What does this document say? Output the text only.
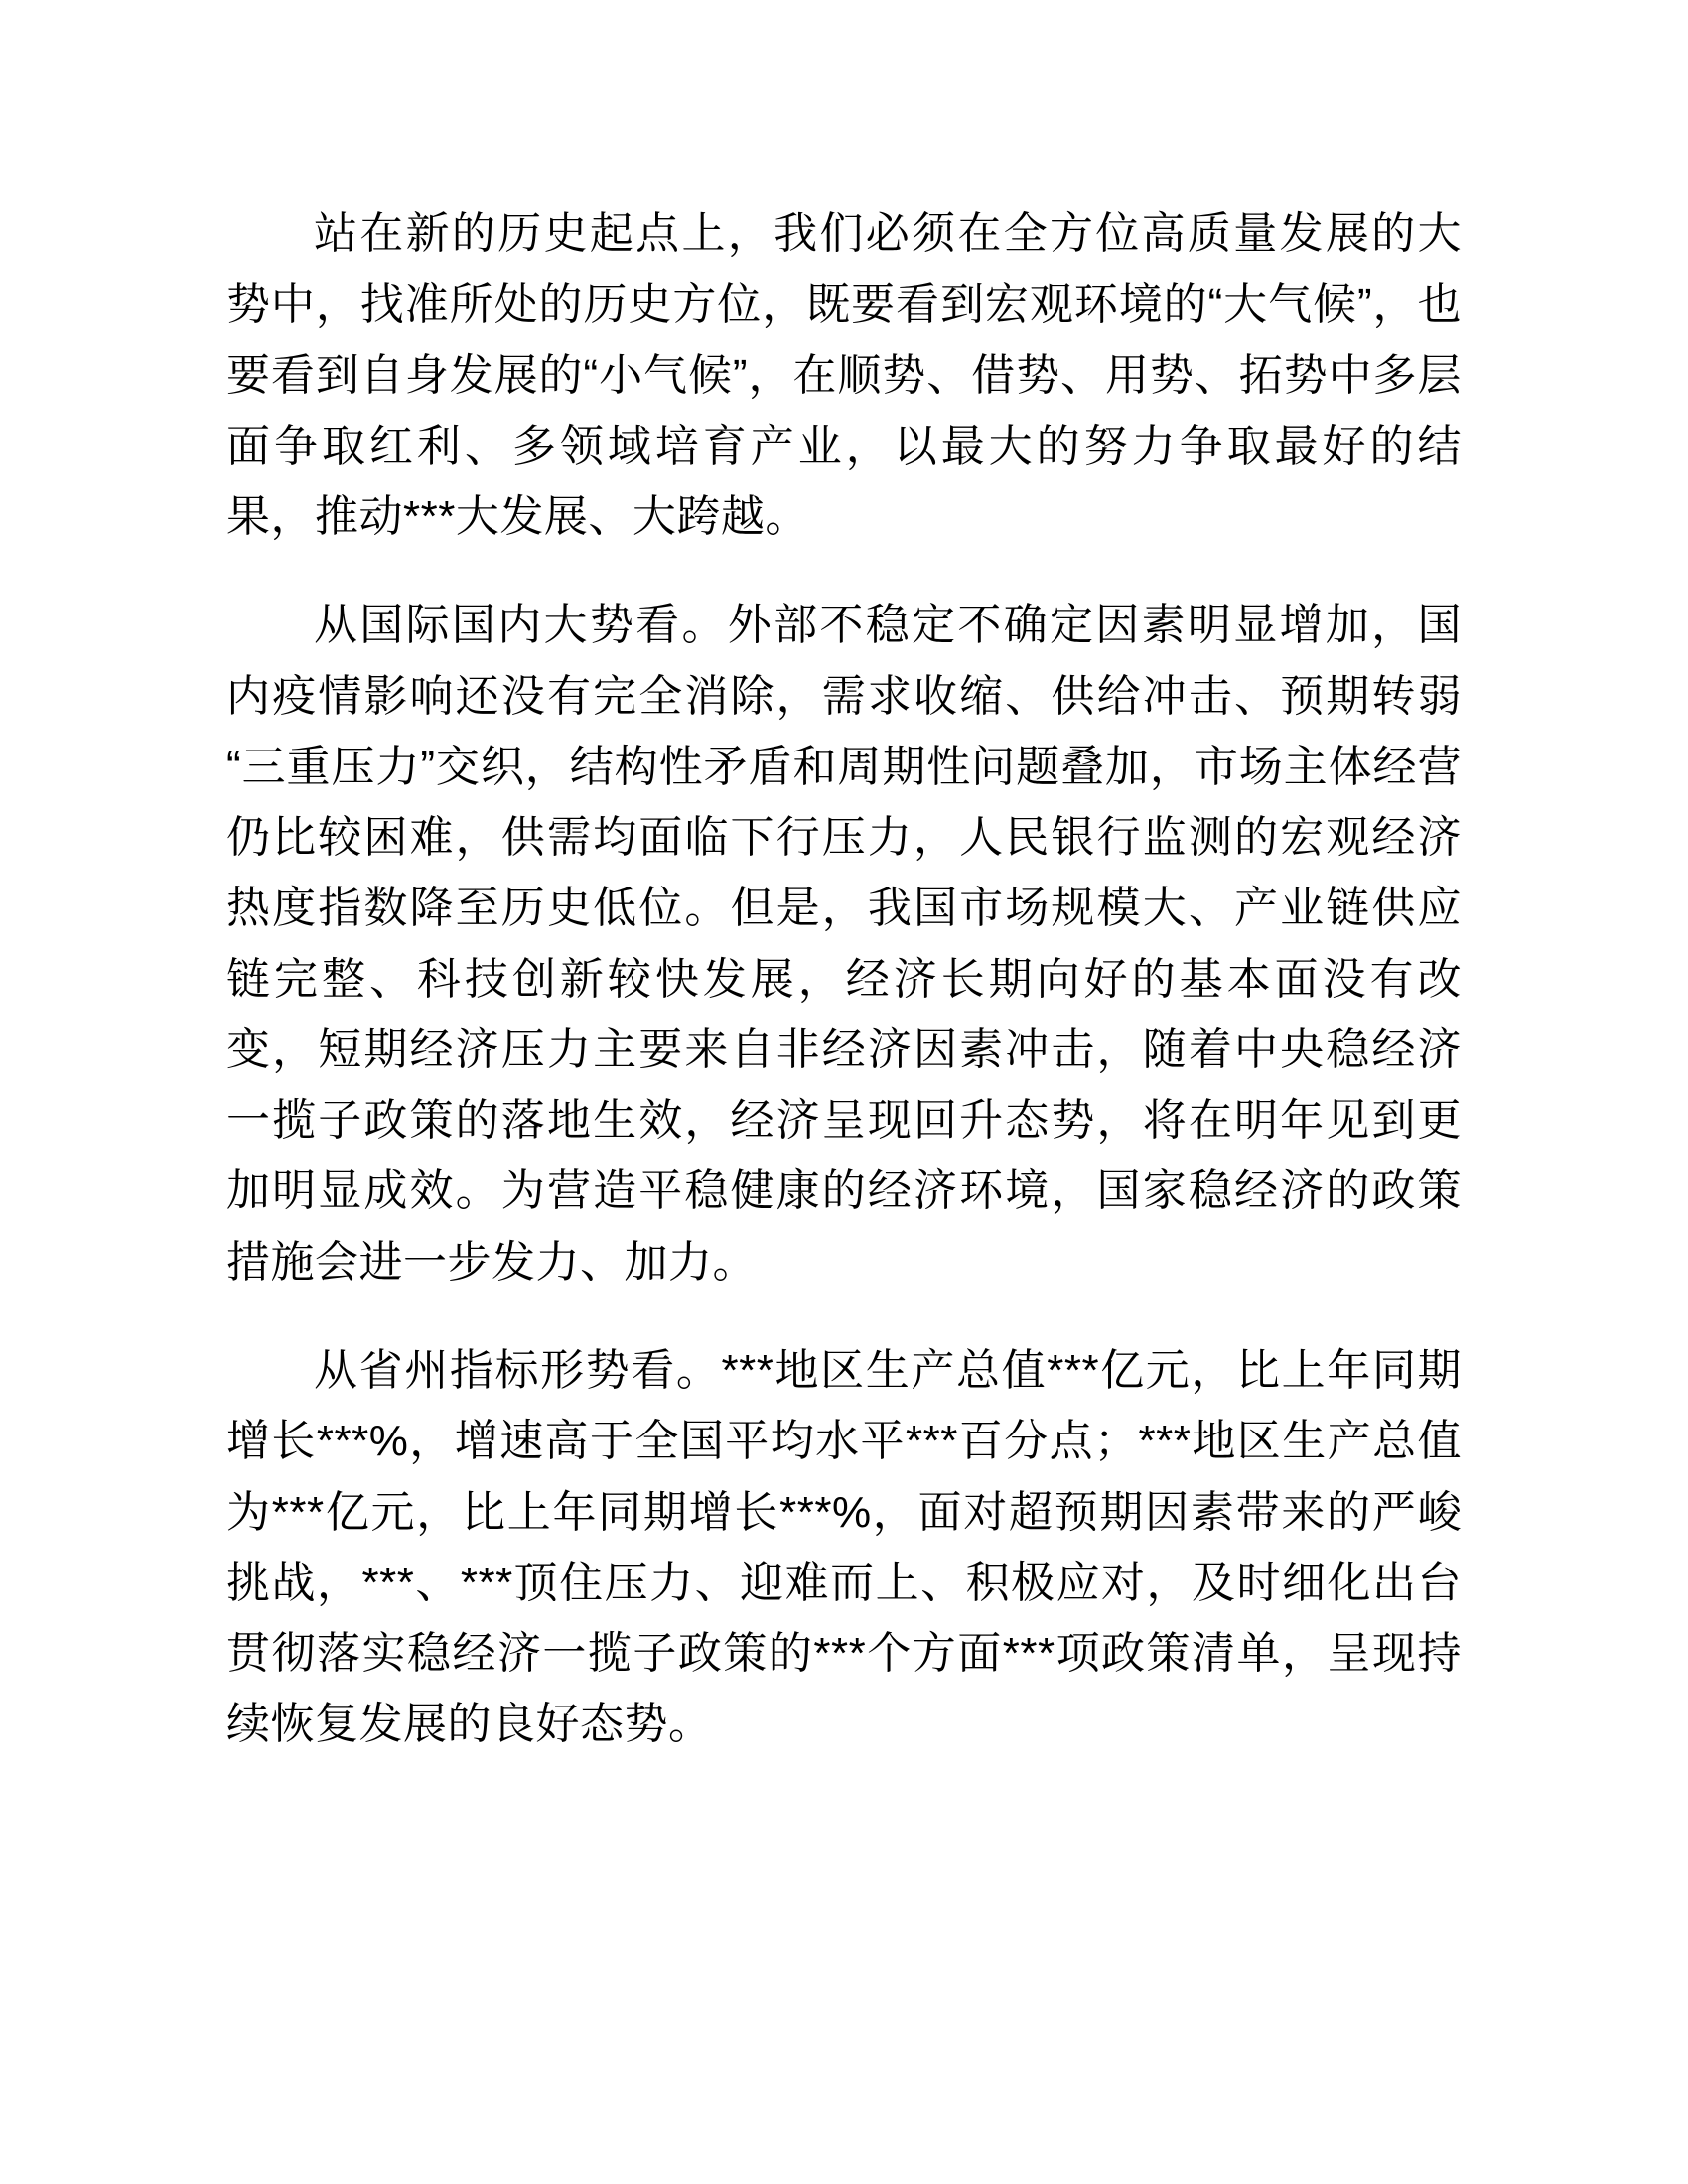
站在新的历史起点上，我们必须在全方位高质量发展的大势中，找准所处的历史方位，既要看到宏观环境的“大气候”，也要看到自身发展的“小气候”，在顺势、借势、用势、拓势中多层面争取红利、多领域培育产业，以最大的努力争取最好的结果，推动***大发展、大跨越。

从国际国内大势看。外部不稳定不确定因素明显增加，国内疫情影响还没有完全消除，需求收缩、供给冲击、预期转弱“三重压力”交织，结构性矛盾和周期性问题叠加，市场主体经营仍比较困难，供需均面临下行压力，人民银行监测的宏观经济热度指数降至历史低位。但是，我国市场规模大、产业链供应链完整、科技创新较快发展，经济长期向好的基本面没有改变，短期经济压力主要来自非经济因素冲击，随着中央稳经济一揽子政策的落地生效，经济呈现回升态势，将在明年见到更加明显成效。为营造平稳健康的经济环境，国家稳经济的政策措施会进一步发力、加力。

从省州指标形势看。***地区生产总值***亿元，比上年同期增长***%，增速高于全国平均水平***百分点；***地区生产总值为***亿元，比上年同期增长***%，面对超预期因素带来的严峻挑战，***、***顶住压力、迎难而上、积极应对，及时细化出台贯彻落实稳经济一揽子政策的***个方面***项政策清单，呈现持续恢复发展的良好态势。
